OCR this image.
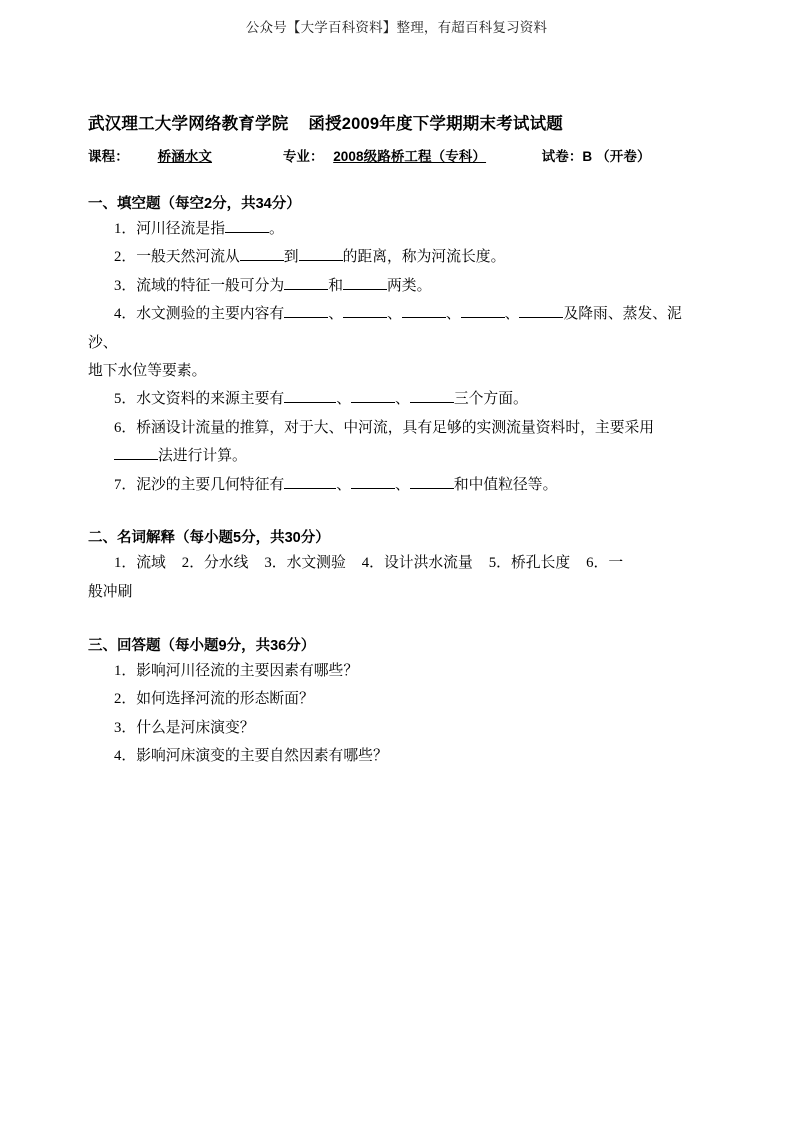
公众号【大学百科资料】整理，有超百科复习资料
武汉理工大学网络教育学院 函授2009年度下学期期末考试试题
课程： 桥涵水文	专业： 2008级路桥工程（专科）	试卷：B （开卷）
一、填空题（每空2分，共34分）

1．河川径流是指	。

2．一般天然河流从	到	的距离，称为河流长度。

3．流域的特征一般可分为	和	两类。

4．水文测验的主要内容有	、	、	、	、	及降雨、蒸发、泥沙、

地下水位等要素。

5．水文资料的来源主要有	、	、	三个方面。

6．桥涵设计流量的推算，对于大、中河流，具有足够的实测流量资料时，主要采用

法进行计算。

7．泥沙的主要几何特征有	、	、	和中值粒径等。

二、名词解释（每小题5分，共30分）

1．流域 2．分水线 3．水文测验 4．设计洪水流量 5．桥孔长度 6．一

般冲刷

三、回答题（每小题9分，共36分）

1．影响河川径流的主要因素有哪些？

2．如何选择河流的形态断面？

3．什么是河床演变？

4．影响河床演变的主要自然因素有哪些？
